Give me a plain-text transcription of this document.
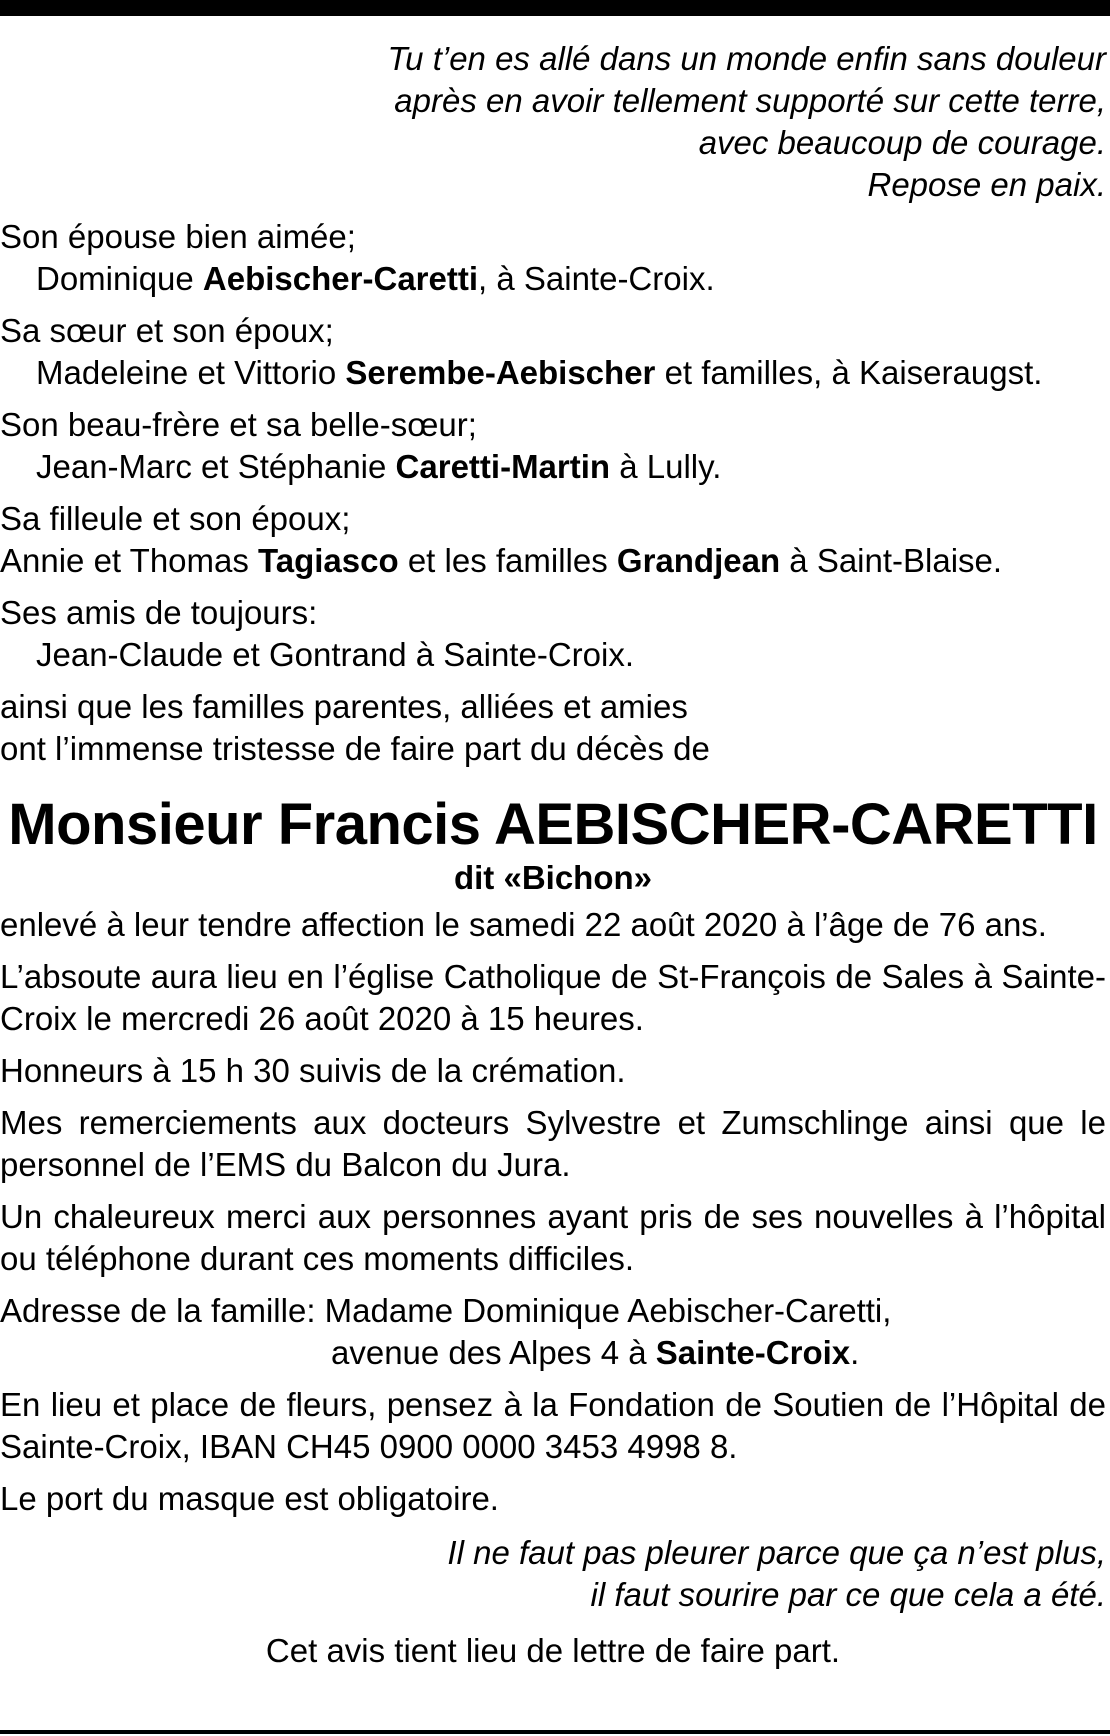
Tu t’en es allé dans un monde enfin sans douleur
après en avoir tellement supporté sur cette terre,
avec beaucoup de courage.
Repose en paix.
Son épouse bien aimée;
Dominique Aebischer-Caretti, à Sainte-Croix.
Sa sœur et son époux;
Madeleine et Vittorio Serembe-Aebischer et familles, à Kaiseraugst.
Son beau-frère et sa belle-sœur;
Jean-Marc et Stéphanie Caretti-Martin à Lully.
Sa filleule et son époux;
Annie et Thomas Tagiasco et les familles Grandjean à Saint-Blaise.
Ses amis de toujours:
Jean-Claude et Gontrand à Sainte-Croix.
ainsi que les familles parentes, alliées et amies
ont l’immense tristesse de faire part du décès de
Monsieur Francis AEBISCHER-CARETTI
dit «Bichon»
enlevé à leur tendre affection le samedi 22 août 2020 à l’âge de 76 ans.
L’absoute aura lieu en l’église Catholique de St-François de Sales à Sainte-Croix le mercredi 26 août 2020 à 15 heures.
Honneurs à 15 h 30 suivis de la crémation.
Mes remerciements aux docteurs Sylvestre et Zumschlinge ainsi que le personnel de l’EMS du Balcon du Jura.
Un chaleureux merci aux personnes ayant pris de ses nouvelles à l’hôpital ou téléphone durant ces moments difficiles.
Adresse de la famille: Madame Dominique Aebischer-Caretti,
avenue des Alpes 4 à Sainte-Croix.
En lieu et place de fleurs, pensez à la Fondation de Soutien de l’Hôpital de Sainte-Croix, IBAN CH45 0900 0000 3453 4998 8.
Le port du masque est obligatoire.
Il ne faut pas pleurer parce que ça n’est plus,
il faut sourire par ce que cela a été.
Cet avis tient lieu de lettre de faire part.
